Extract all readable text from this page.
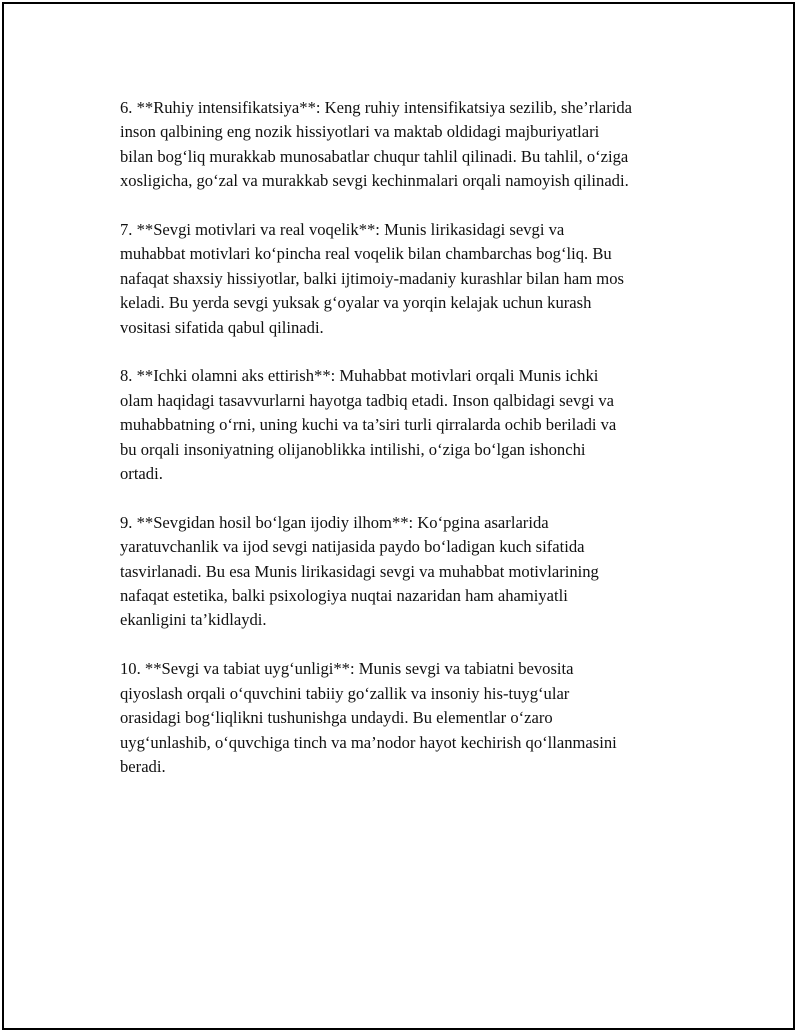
6. **Ruhiy intensifikatsiya**: Keng ruhiy intensifikatsiya sezilib, she’rlarida
inson qalbining eng nozik hissiyotlari va maktab oldidagi majburiyatlari
bilan bog‘liq murakkab munosabatlar chuqur tahlil qilinadi. Bu tahlil, o‘ziga
xosligicha, go‘zal va murakkab sevgi kechinmalari orqali namoyish qilinadi.

7. **Sevgi motivlari va real voqelik**: Munis lirikasidagi sevgi va
muhabbat motivlari ko‘pincha real voqelik bilan chambarchas bog‘liq. Bu
nafaqat shaxsiy hissiyotlar, balki ijtimoiy-madaniy kurashlar bilan ham mos
keladi. Bu yerda sevgi yuksak g‘oyalar va yorqin kelajak uchun kurash
vositasi sifatida qabul qilinadi.

8. **Ichki olamni aks ettirish**: Muhabbat motivlari orqali Munis ichki
olam haqidagi tasavvurlarni hayotga tadbiq etadi. Inson qalbidagi sevgi va
muhabbatning o‘rni, uning kuchi va ta’siri turli qirralarda ochib beriladi va
bu orqali insoniyatning olijanoblikka intilishi, o‘ziga bo‘lgan ishonchi
ortadi.

9. **Sevgidan hosil bo‘lgan ijodiy ilhom**: Ko‘pgina asarlarida
yaratuvchanlik va ijod sevgi natijasida paydo bo‘ladigan kuch sifatida
tasvirlanadi. Bu esa Munis lirikasidagi sevgi va muhabbat motivlarining
nafaqat estetika, balki psixologiya nuqtai nazaridan ham ahamiyatli
ekanligini ta’kidlaydi.

10. **Sevgi va tabiat uyg‘unligi**: Munis sevgi va tabiatni bevosita
qiyoslash orqali o‘quvchini tabiiy go‘zallik va insoniy his-tuyg‘ular
orasidagi bog‘liqlikni tushunishga undaydi. Bu elementlar o‘zaro
uyg‘unlashib, o‘quvchiga tinch va ma’nodor hayot kechirish qo‘llanmasini
beradi.
